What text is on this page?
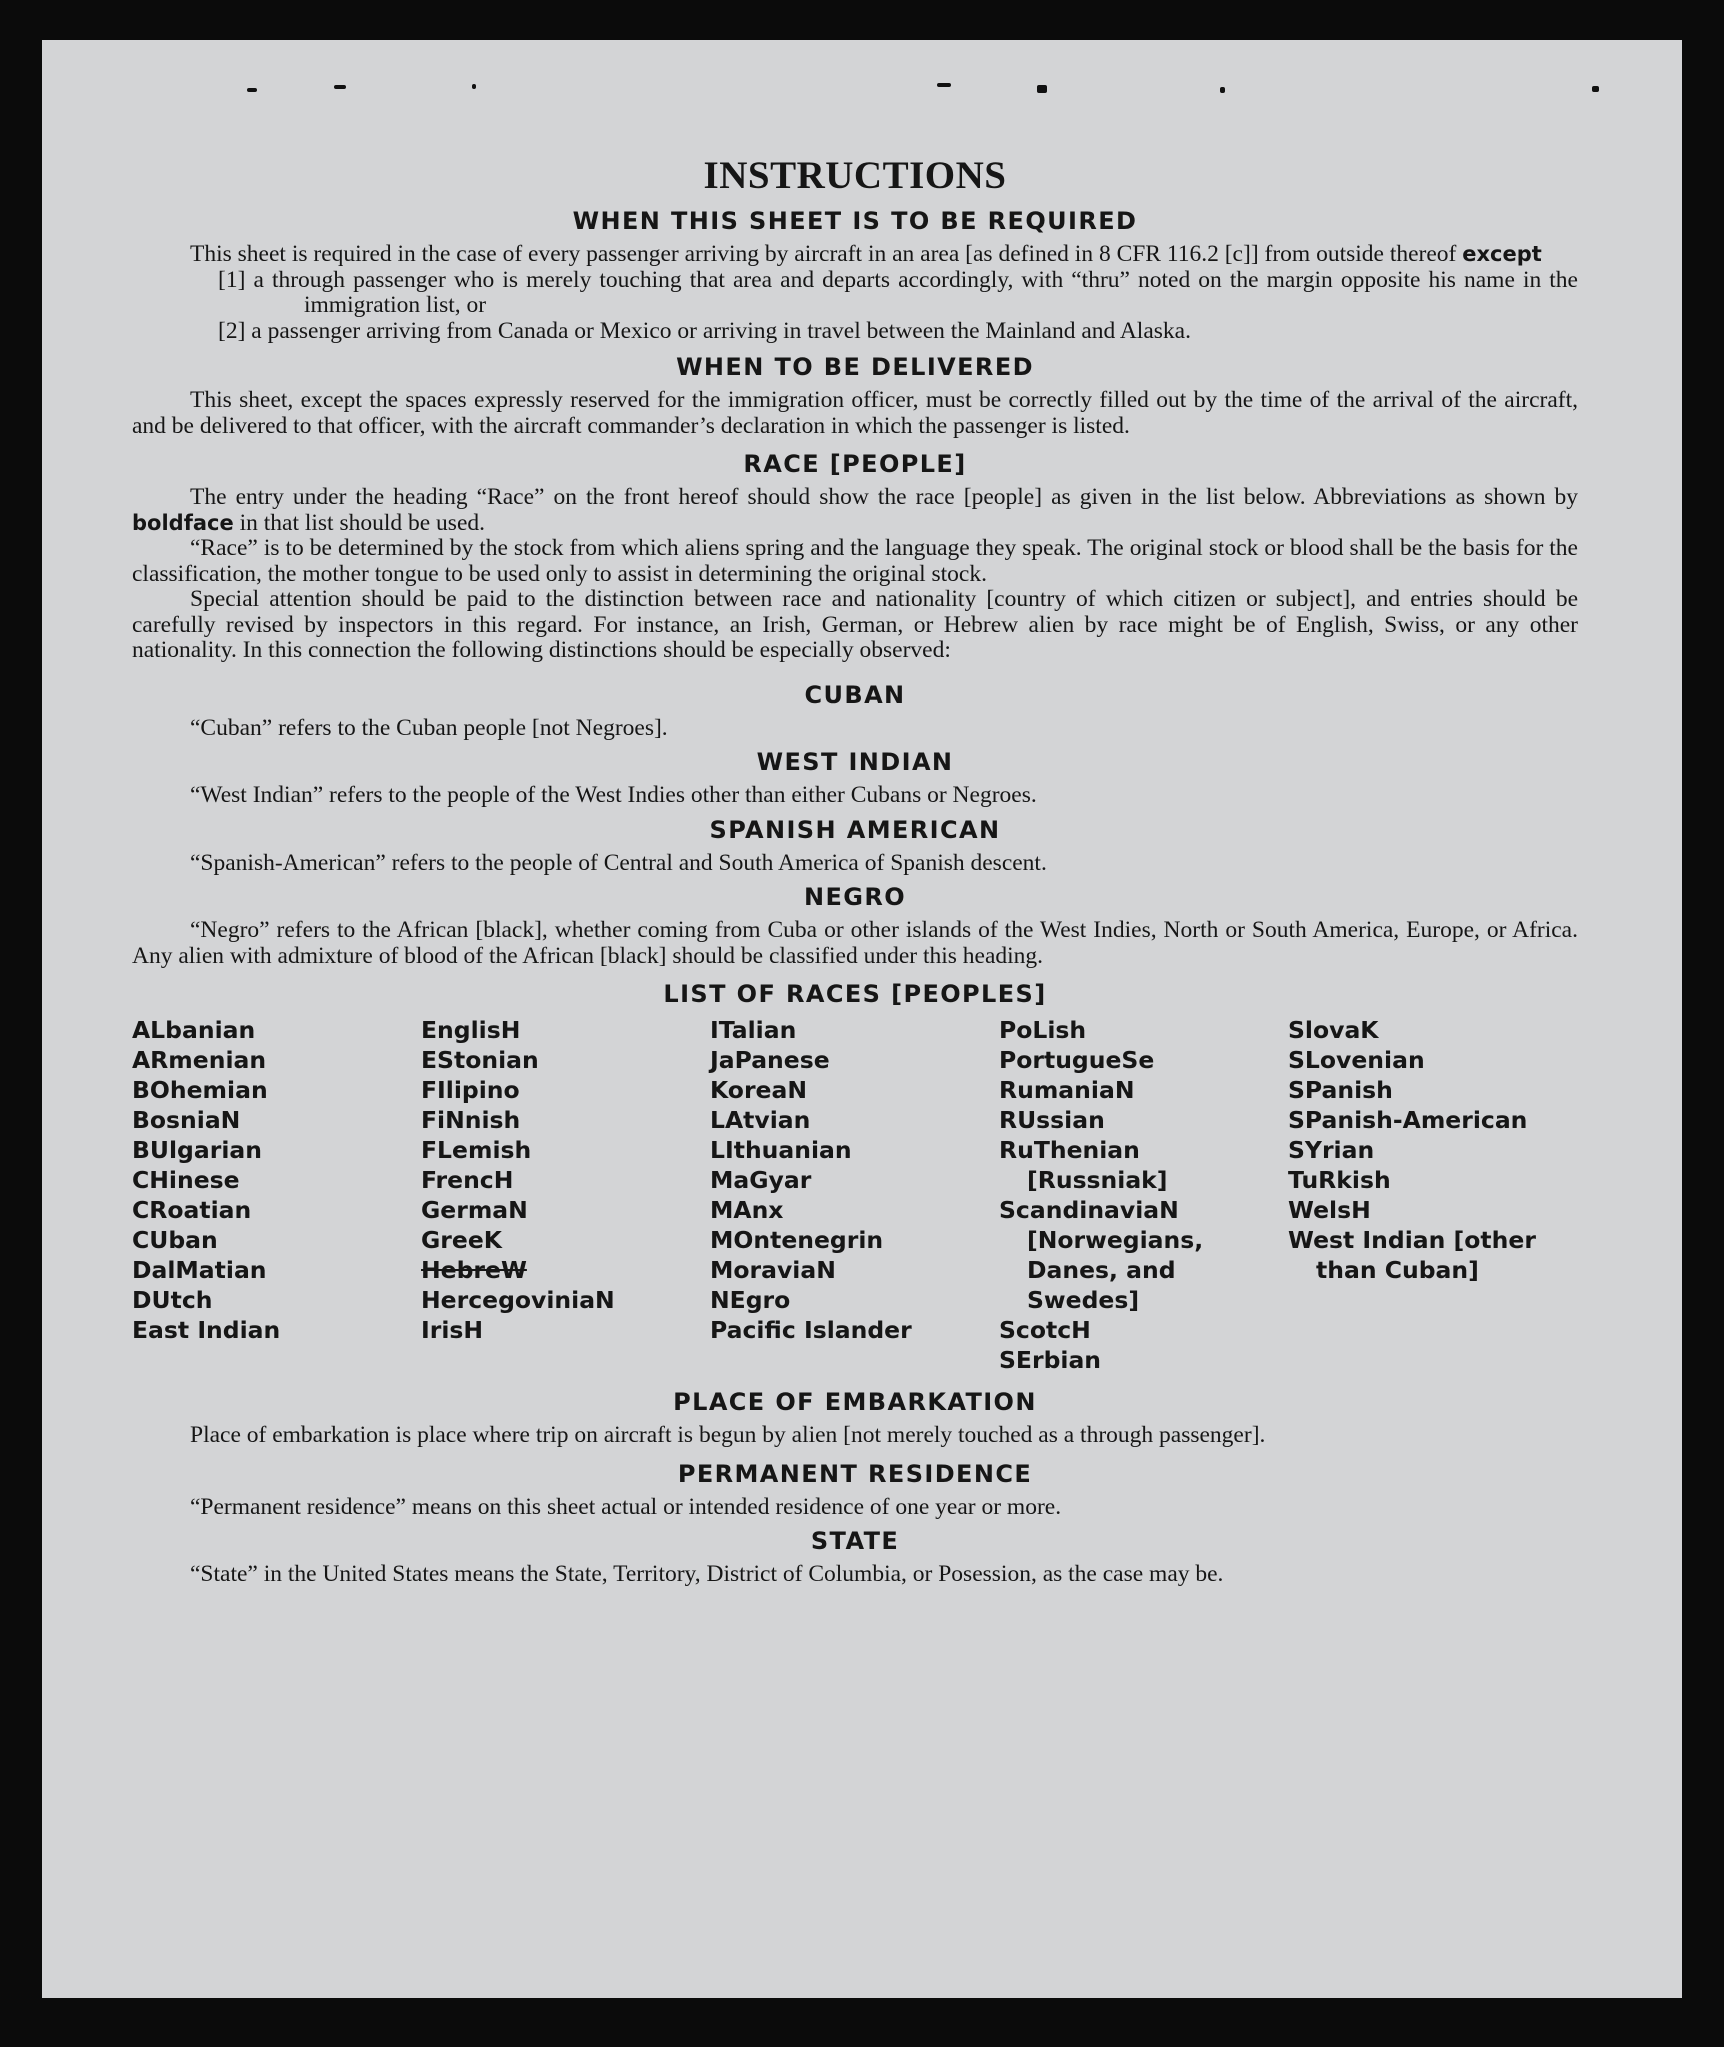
INSTRUCTIONS
WHEN THIS SHEET IS TO BE REQUIRED
This sheet is required in the case of every passenger arriving by aircraft in an area [as defined in 8 CFR 116.2 [c]] from outside thereof except
[1] a through passenger who is merely touching that area and departs accordingly, with “thru” noted on the margin opposite his name in the immigration list, or
[2] a passenger arriving from Canada or Mexico or arriving in travel between the Mainland and Alaska.
WHEN TO BE DELIVERED
This sheet, except the spaces expressly reserved for the immigration officer, must be correctly filled out by the time of the arrival of the aircraft, and be delivered to that officer, with the aircraft commander’s declaration in which the passenger is listed.
RACE [PEOPLE]
The entry under the heading “Race” on the front hereof should show the race [people] as given in the list below. Abbreviations as shown by boldface in that list should be used.
“Race” is to be determined by the stock from which aliens spring and the language they speak. The original stock or blood shall be the basis for the classification, the mother tongue to be used only to assist in determining the original stock.
Special attention should be paid to the distinction between race and nationality [country of which citizen or subject], and entries should be carefully revised by inspectors in this regard. For instance, an Irish, German, or Hebrew alien by race might be of English, Swiss, or any other nationality. In this connection the following distinctions should be especially observed:
CUBAN
“Cuban” refers to the Cuban people [not Negroes].
WEST INDIAN
“West Indian” refers to the people of the West Indies other than either Cubans or Negroes.
SPANISH AMERICAN
“Spanish-American” refers to the people of Central and South America of Spanish descent.
NEGRO
“Negro” refers to the African [black], whether coming from Cuba or other islands of the West Indies, North or South America, Europe, or Africa. Any alien with admixture of blood of the African [black] should be classified under this heading.
LIST OF RACES [PEOPLES]
ALbanian
ARmenian
BOhemian
BosniaN
BUlgarian
CHinese
CRoatian
CUban
DalMatian
DUtch
East Indian
EnglisH
EStonian
FIlipino
FiNnish
FLemish
FrencH
GermaN
GreeK
HebreW
HercegoviniaN
IrisH
ITalian
JaPanese
KoreaN
LAtvian
LIthuanian
MaGyar
MAnx
MOntenegrin
MoraviaN
NEgro
Pacific Islander
PoLish
PortugueSe
RumaniaN
RUssian
RuThenian [Russniak]
ScandinaviaN [Norwegians, Danes, and Swedes]
ScotcH
SErbian
SlovaK
SLovenian
SPanish
SPanish-American
SYrian
TuRkish
WelsH
West Indian [other than Cuban]
PLACE OF EMBARKATION
Place of embarkation is place where trip on aircraft is begun by alien [not merely touched as a through passenger].
PERMANENT RESIDENCE
“Permanent residence” means on this sheet actual or intended residence of one year or more.
STATE
“State” in the United States means the State, Territory, District of Columbia, or Posession, as the case may be.
